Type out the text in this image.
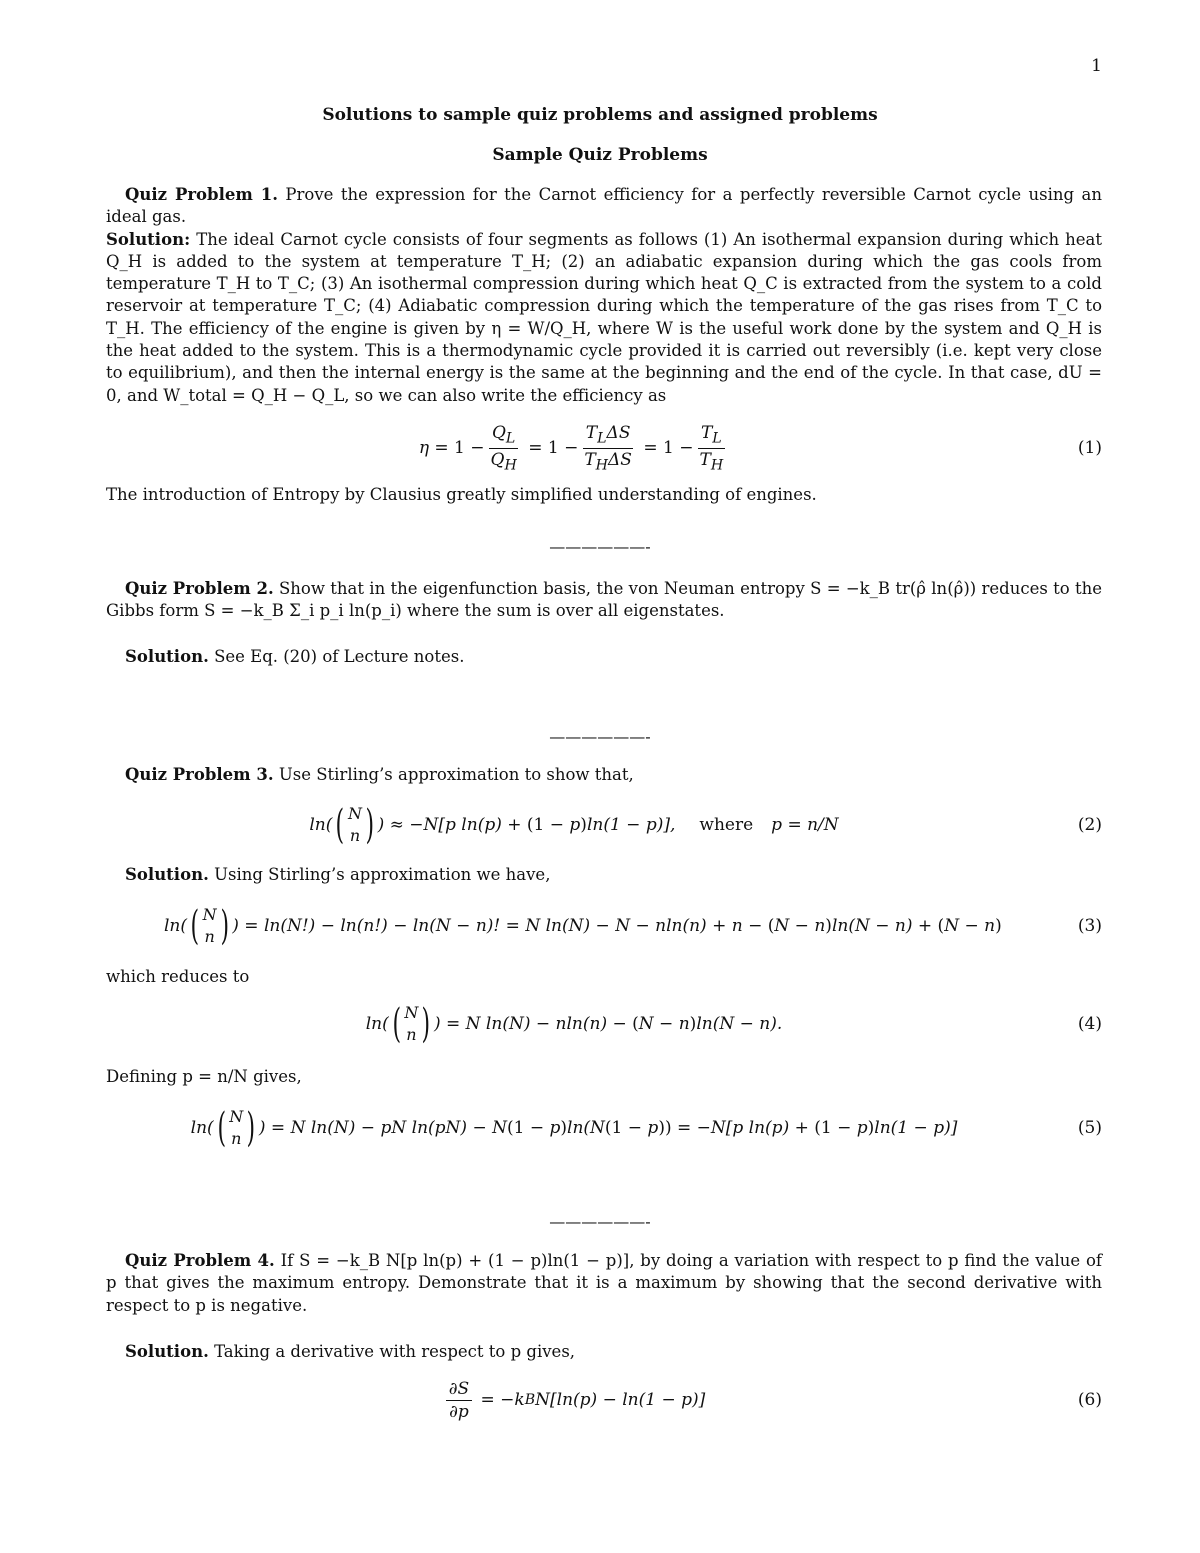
1
Solutions to sample quiz problems and assigned problems
Sample Quiz Problems
Quiz Problem 1. Prove the expression for the Carnot efficiency for a perfectly reversible Carnot cycle using an ideal gas.
Solution: The ideal Carnot cycle consists of four segments as follows (1) An isothermal expansion during which heat Q_H is added to the system at temperature T_H; (2) an adiabatic expansion during which the gas cools from temperature T_H to T_C; (3) An isothermal compression during which heat Q_C is extracted from the system to a cold reservoir at temperature T_C; (4) Adiabatic compression during which the temperature of the gas rises from T_C to T_H. The efficiency of the engine is given by η = W/Q_H, where W is the useful work done by the system and Q_H is the heat added to the system. This is a thermodynamic cycle provided it is carried out reversibly (i.e. kept very close to equilibrium), and then the internal energy is the same at the beginning and the end of the cycle. In that case, dU = 0, and W_total = Q_H − Q_L, so we can also write the efficiency as
$\eta = 1 - \frac{Q_L}{Q_H} = 1 - \frac{T_L\Delta S}{T_H\Delta S} = 1 - \frac{T_L}{T_H}$	(1)
The introduction of Entropy by Clausius greatly simplified understanding of engines.
——————-
Quiz Problem 2. Show that in the eigenfunction basis, the von Neuman entropy S = −k_B tr(ρ̂ ln(ρ̂)) reduces to the Gibbs form S = −k_B Σ_i p_i ln(p_i) where the sum is over all eigenstates.
Solution. See Eq. (20) of Lecture notes.
——————-
Quiz Problem 3. Use Stirling’s approximation to show that,
ln( ( N
n ) ) ≈ − N[p ln(p) + (1 − p ) ln(1 − p)], where p = n/N	(2)
Solution. Using Stirling’s approximation we have,
ln( ( N
n ) ) = ln(N!) − ln(n!) − ln(N − n)! = N ln(N) − N − nln(n) + n − ( N − n ) ln(N − n) + ( N − n )	(3)
which reduces to
ln( ( N
n ) ) = N ln(N) − nln(n) − ( N − n ) ln(N − n).	(4)
Defining p = n/N gives,
ln( ( N
n ) ) = N ln(N) − pN ln(pN) − N (1 − p ) ln(N (1 − p )) = − N[p ln(p) + (1 − p ) ln(1 − p)]	(5)
——————-
Quiz Problem 4. If S = −k_B N[p ln(p) + (1 − p)ln(1 − p)], by doing a variation with respect to p find the value of p that gives the maximum entropy. Demonstrate that it is a maximum by showing that the second derivative with respect to p is negative.
Solution. Taking a derivative with respect to p gives,
$\frac{\partial S}{\partial p}$ = − k B N[ln(p) − ln(1 − p)]	(6)
